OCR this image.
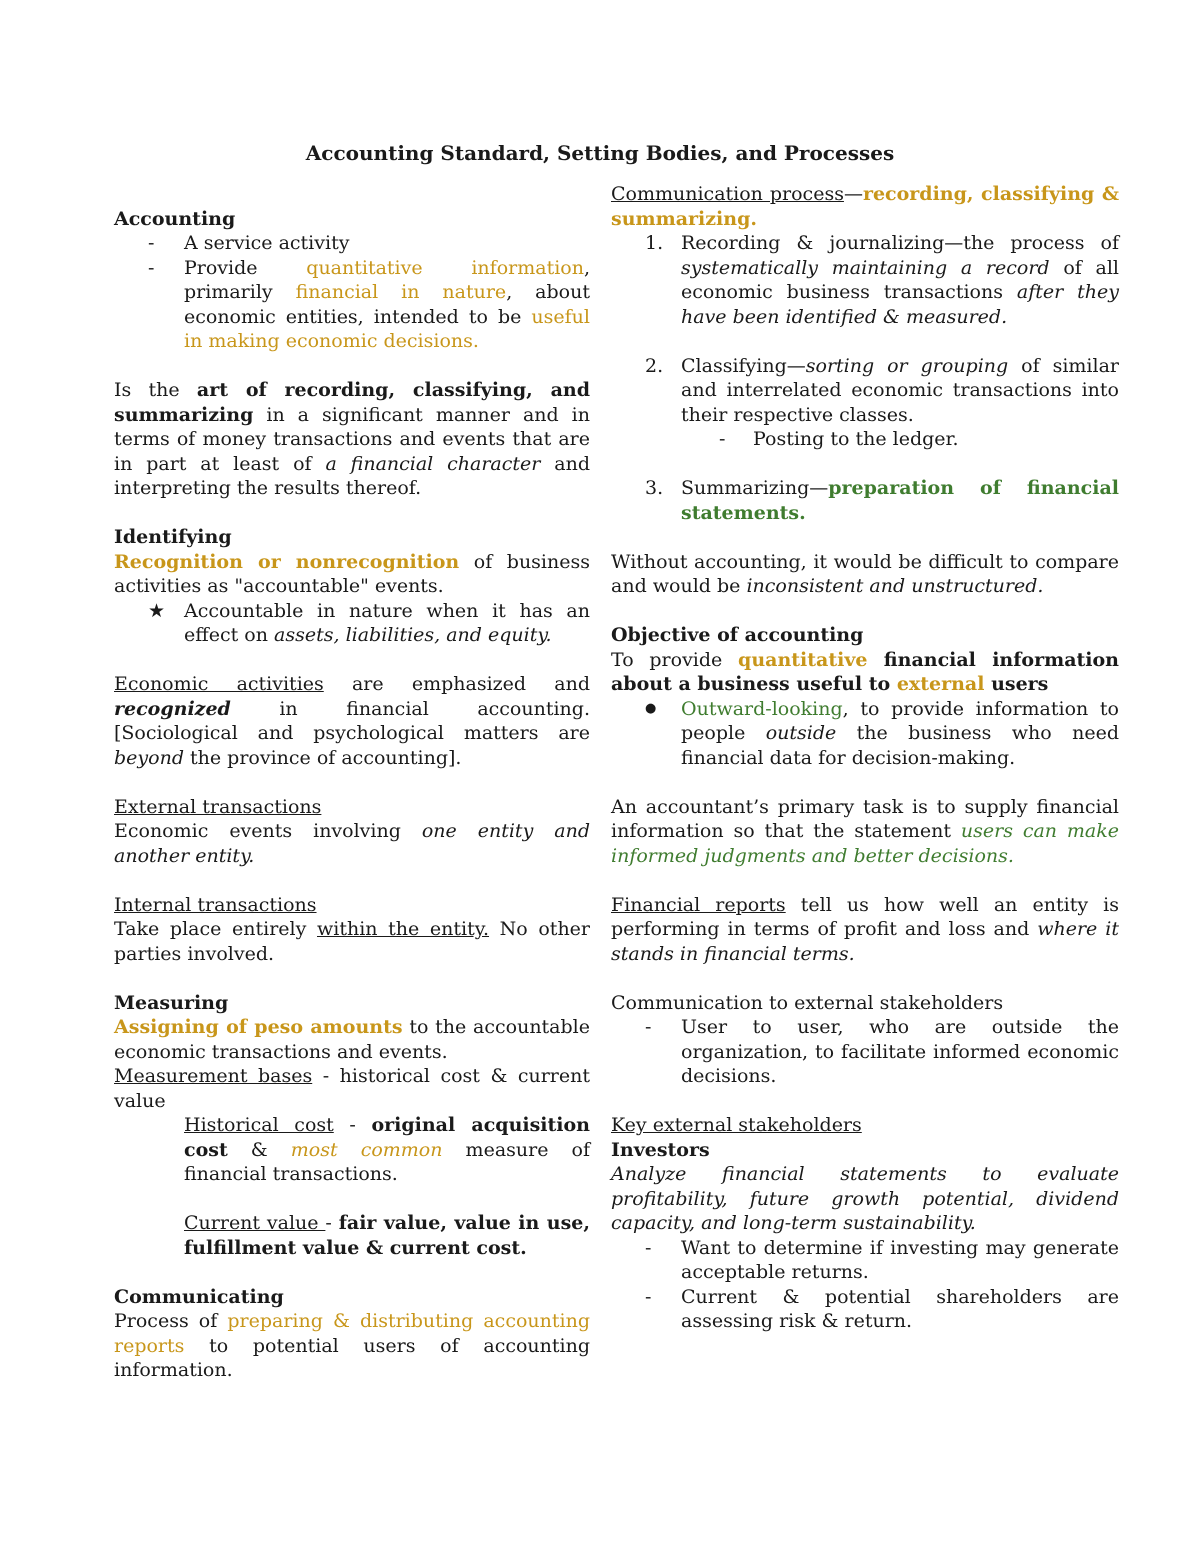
Accounting Standard, Setting Bodies, and Processes

Accounting

- A service activity
- Provide quantitative information, primarily financial in nature, about economic entities, intended to be useful in making economic decisions.

Is the art of recording, classifying, and summarizing in a significant manner and in terms of money transactions and events that are in part at least of a financial character and interpreting the results thereof.

Identifying

Recognition or nonrecognition of business activities as "accountable" events.

★ Accountable in nature when it has an effect on assets, liabilities, and equity.

Economic activities are emphasized and recognized in financial accounting. [Sociological and psychological matters are beyond the province of accounting].

External transactions

Economic events involving one entity and another entity.

Internal transactions

Take place entirely within the entity. No other parties involved.

Measuring

Assigning of peso amounts to the accountable economic transactions and events.

Measurement bases - historical cost & current value

Historical cost - original acquisition cost & most common measure of financial transactions.

Current value - fair value, value in use, fulfillment value & current cost.

Communicating

Process of preparing & distributing accounting reports to potential users of accounting information.

Communication process—recording, classifying & summarizing.

1. Recording & journalizing—the process of systematically maintaining a record of all economic business transactions after they have been identified & measured.
2. Classifying—sorting or grouping of similar and interrelated economic transactions into their respective classes.
- Posting to the ledger.
3. Summarizing—preparation of financial statements.

Without accounting, it would be difficult to compare and would be inconsistent and unstructured.

Objective of accounting

To provide quantitative financial information about a business useful to external users

● Outward-looking, to provide information to people outside the business who need financial data for decision-making.

An accountant’s primary task is to supply financial information so that the statement users can make informed judgments and better decisions.

Financial reports tell us how well an entity is performing in terms of profit and loss and where it stands in financial terms.

Communication to external stakeholders

- User to user, who are outside the organization, to facilitate informed economic decisions.

Key external stakeholders

Investors

Analyze financial statements to evaluate profitability, future growth potential, dividend capacity, and long-term sustainability.

- Want to determine if investing may generate acceptable returns.
- Current & potential shareholders are assessing risk & return.
